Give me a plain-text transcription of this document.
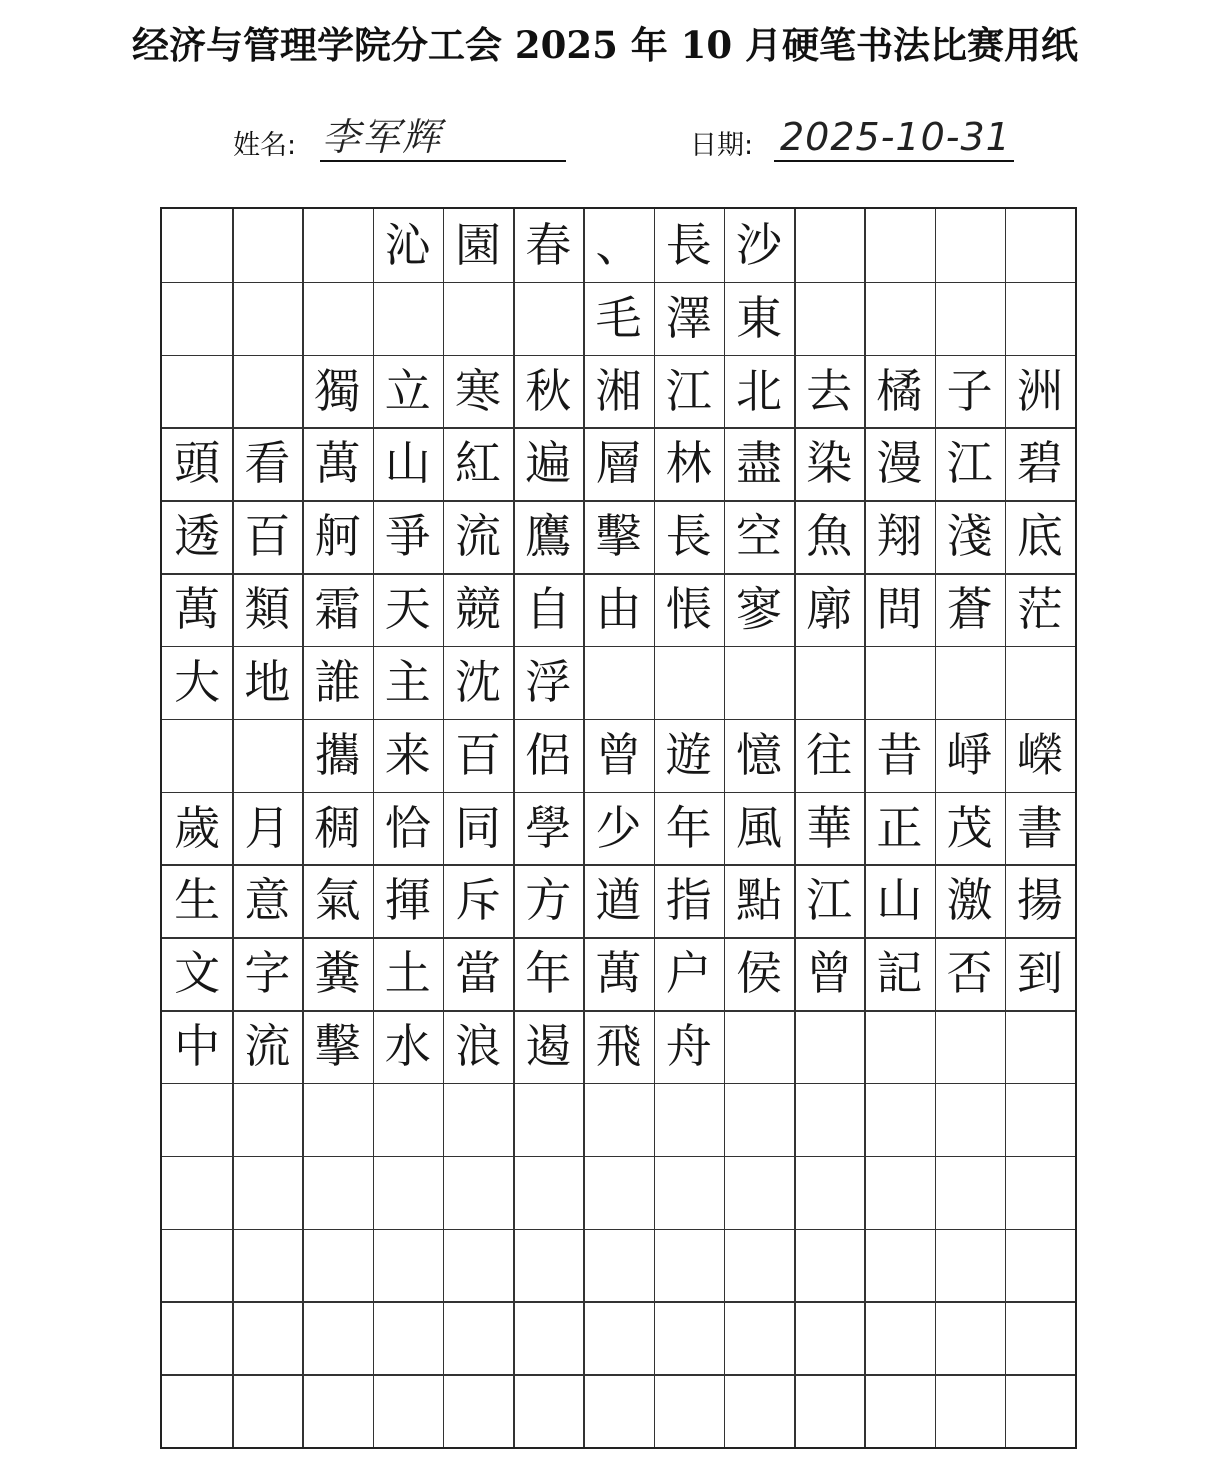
经济与管理学院分工会 2025 年 10 月硬笔书法比赛用纸
姓名: 李军辉	日期: 2025-10-31
沁 園 春 、 長 沙
毛 澤 東
獨 立 寒 秋 湘 江 北 去 橘 子 洲
頭 看 萬 山 紅 遍 層 林 盡 染 漫 江 碧
透 百 舸 爭 流 鷹 擊 長 空 魚 翔 淺 底
萬 類 霜 天 競 自 由 悵 寥 廓 問 蒼 茫
大 地 誰 主 沈 浮
攜 来 百 侶 曾 遊 憶 往 昔 崢 嶸
歲 月 稠 恰 同 學 少 年 風 華 正 茂 書
生 意 氣 揮 斥 方 遒 指 點 江 山 激 揚
文 字 糞 土 當 年 萬 户 侯 曾 記 否 到
中 流 擊 水 浪 遏 飛 舟
